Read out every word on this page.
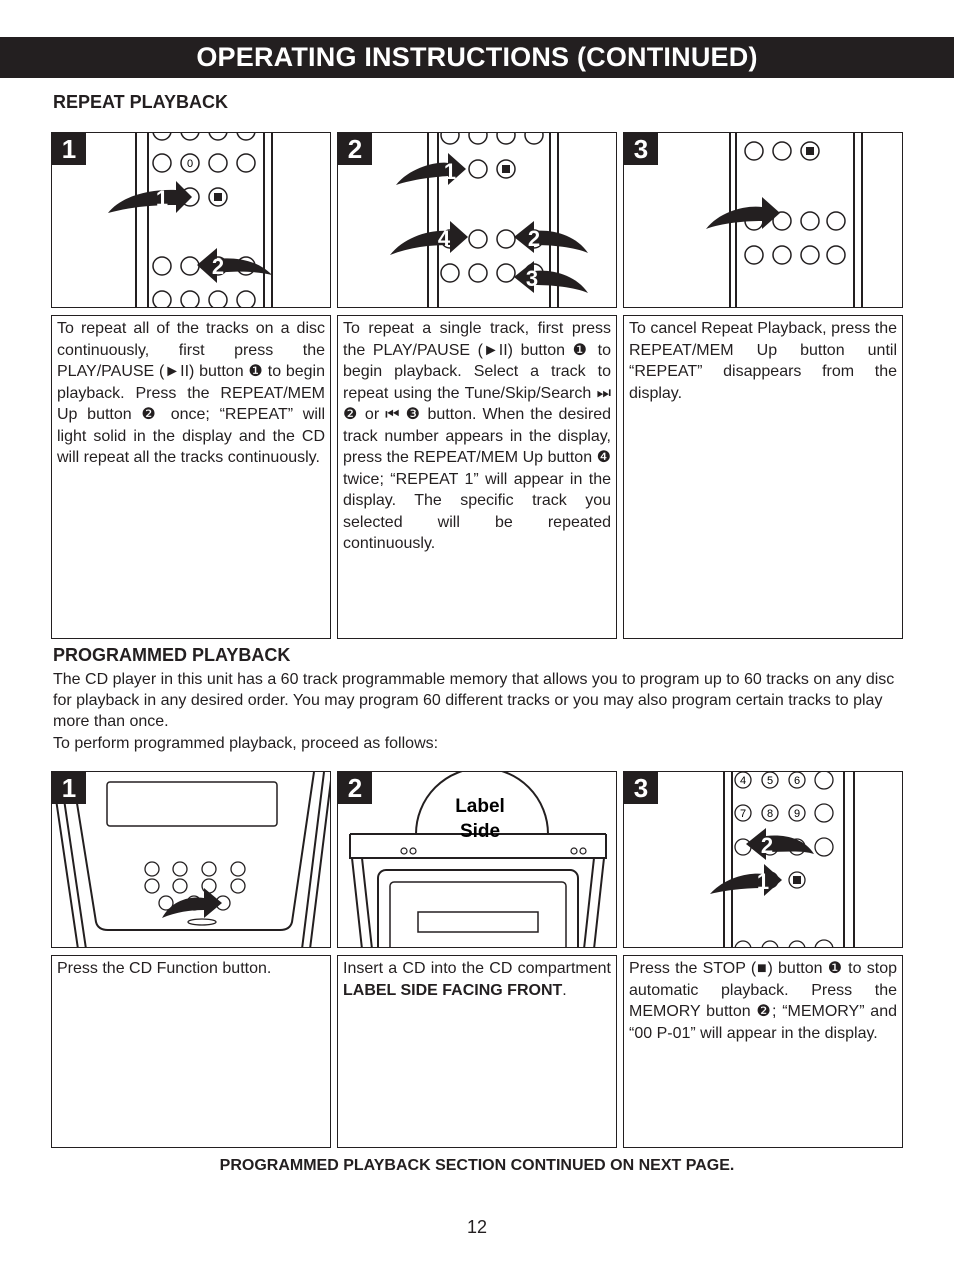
OPERATING INSTRUCTIONS (CONTINUED)
REPEAT PLAYBACK
0
1
2
1
1
4	2
3
2	3
To repeat all of the tracks on a disc continuously, first press the PLAY/PAUSE (►II) button ❶ to begin playback. Press the REPEAT/MEM Up button ❷ once; “REPEAT” will light solid in the display and the CD will repeat all the tracks continuously.
To repeat a single track, first press the PLAY/PAUSE (►II) button ❶ to begin playback. Select a track to repeat using the Tune/Skip/Search ⏭ ❷ or ⏮ ❸ button. When the desired track number appears in the display, press the REPEAT/MEM Up button ❹ twice; “REPEAT 1” will appear in the display. The specific track you selected will be repeated continuously.
To cancel Repeat Playback, press the REPEAT/MEM Up button until “REPEAT” disappears from the display.
PROGRAMMED PLAYBACK
The CD player in this unit has a 60 track programmable memory that allows you to program up to 60 tracks on any disc for playback in any desired order. You may program 60 different tracks or you may also program certain tracks to play more than once.
To perform programmed playback, proceed as follows:
1
Label
Side
2	4 5 6
7 8 9
2
1
3
Press the CD Function button.	Insert a CD into the CD compartment LABEL SIDE FACING FRONT.
Press the STOP (■) button ❶ to stop automatic playback. Press the MEMORY button ❷; “MEMORY” and “00 P-01” will appear in the display.
PROGRAMMED PLAYBACK SECTION CONTINUED ON NEXT PAGE.
12
